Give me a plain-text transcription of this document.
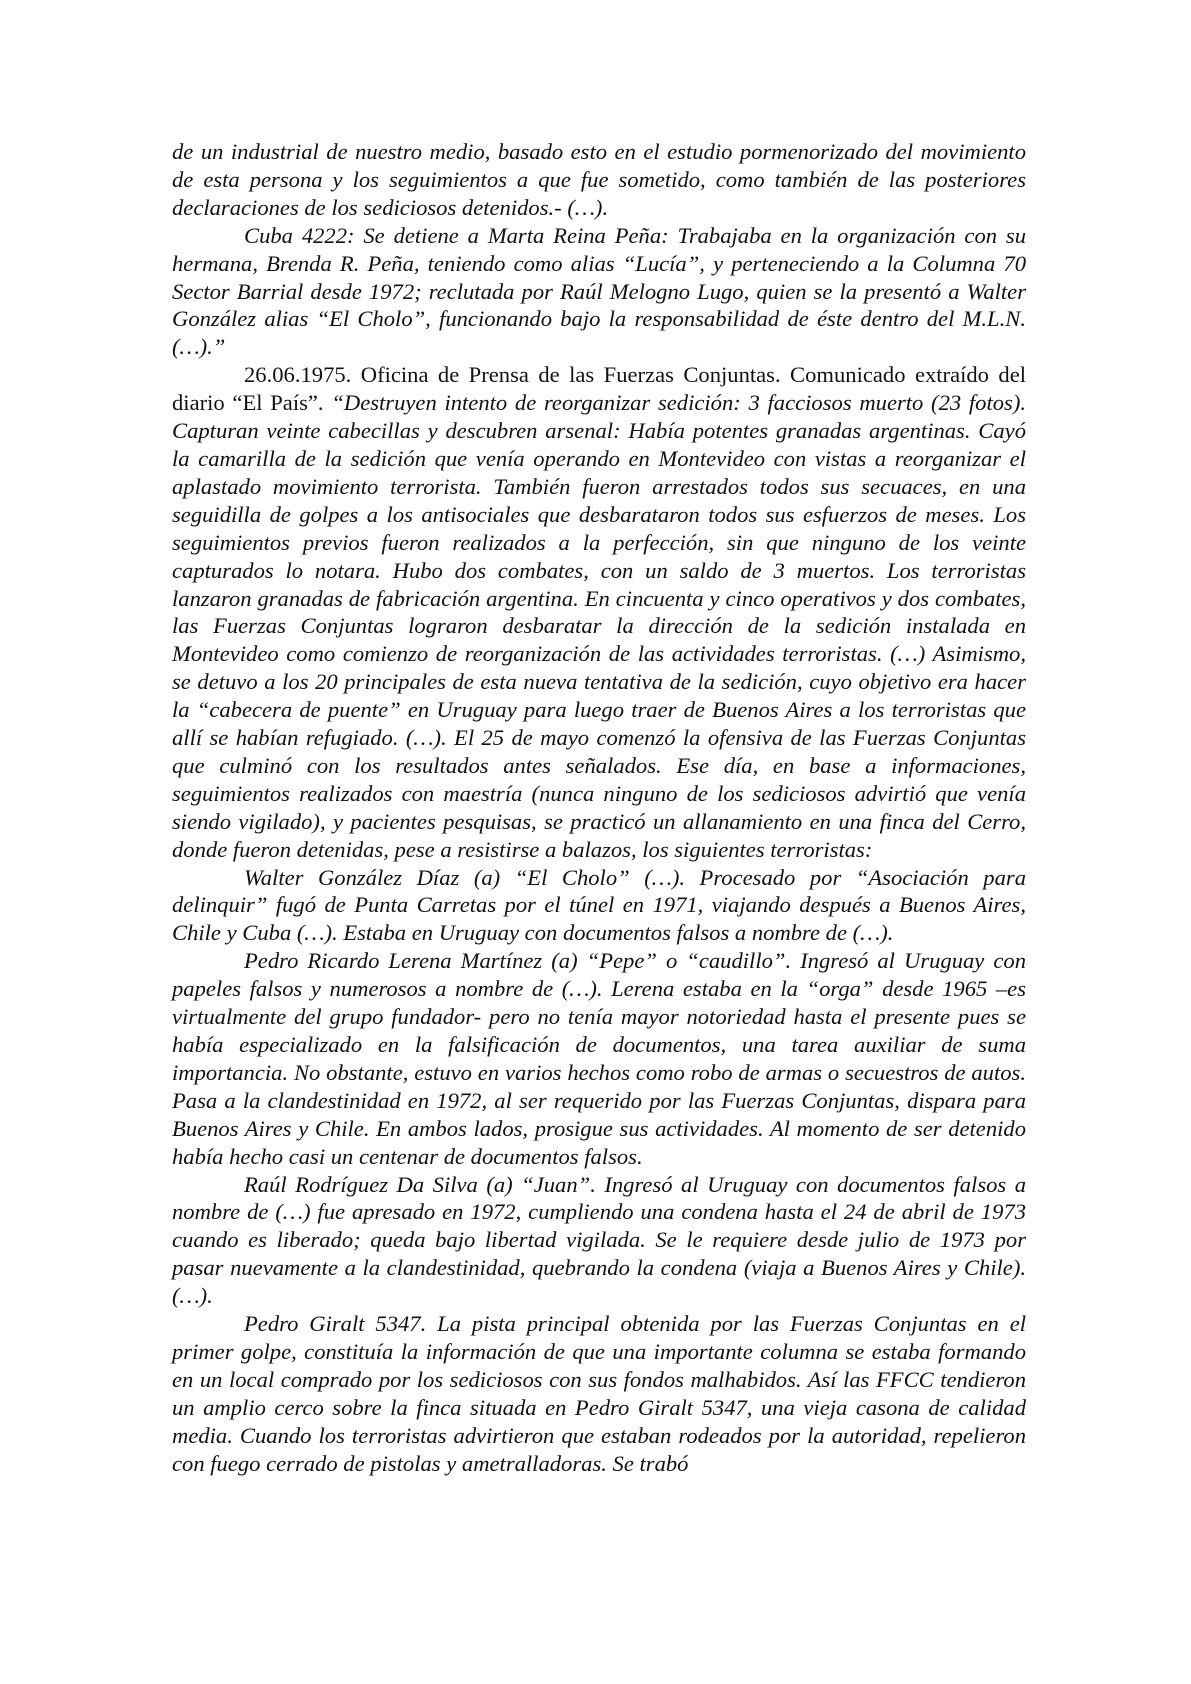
de un industrial de nuestro medio, basado esto en el estudio pormenorizado del movimiento de esta persona y los seguimientos a que fue sometido, como también de las posteriores declaraciones de los sediciosos detenidos.- (…).

Cuba 4222: Se detiene a Marta Reina Peña: Trabajaba en la organización con su hermana, Brenda R. Peña, teniendo como alias “Lucía”, y perteneciendo a la Columna 70 Sector Barrial desde 1972; reclutada por Raúl Melogno Lugo, quien se la presentó a Walter González alias “El Cholo”, funcionando bajo la responsabilidad de éste dentro del M.L.N. (…).”

26.06.1975. Oficina de Prensa de las Fuerzas Conjuntas. Comunicado extraído del diario “El País”. “Destruyen intento de reorganizar sedición: 3 facciosos muerto (23 fotos). Capturan veinte cabecillas y descubren arsenal: Había potentes granadas argentinas. Cayó la camarilla de la sedición que venía operando en Montevideo con vistas a reorganizar el aplastado movimiento terrorista. También fueron arrestados todos sus secuaces, en una seguidilla de golpes a los antisociales que desbarataron todos sus esfuerzos de meses. Los seguimientos previos fueron realizados a la perfección, sin que ninguno de los veinte capturados lo notara. Hubo dos combates, con un saldo de 3 muertos. Los terroristas lanzaron granadas de fabricación argentina. En cincuenta y cinco operativos y dos combates, las Fuerzas Conjuntas lograron desbaratar la dirección de la sedición instalada en Montevideo como comienzo de reorganización de las actividades terroristas. (…) Asimismo, se detuvo a los 20 principales de esta nueva tentativa de la sedición, cuyo objetivo era hacer la “cabecera de puente” en Uruguay para luego traer de Buenos Aires a los terroristas que allí se habían refugiado. (…). El 25 de mayo comenzó la ofensiva de las Fuerzas Conjuntas que culminó con los resultados antes señalados. Ese día, en base a informaciones, seguimientos realizados con maestría (nunca ninguno de los sediciosos advirtió que venía siendo vigilado), y pacientes pesquisas, se practicó un allanamiento en una finca del Cerro, donde fueron detenidas, pese a resistirse a balazos, los siguientes terroristas:

Walter González Díaz (a) “El Cholo” (…). Procesado por “Asociación para delinquir” fugó de Punta Carretas por el túnel en 1971, viajando después a Buenos Aires, Chile y Cuba (…). Estaba en Uruguay con documentos falsos a nombre de (…).

Pedro Ricardo Lerena Martínez (a) “Pepe” o “caudillo”. Ingresó al Uruguay con papeles falsos y numerosos a nombre de (…). Lerena estaba en la “orga” desde 1965 –es virtualmente del grupo fundador- pero no tenía mayor notoriedad hasta el presente pues se había especializado en la falsificación de documentos, una tarea auxiliar de suma importancia. No obstante, estuvo en varios hechos como robo de armas o secuestros de autos. Pasa a la clandestinidad en 1972, al ser requerido por las Fuerzas Conjuntas, dispara para Buenos Aires y Chile. En ambos lados, prosigue sus actividades. Al momento de ser detenido había hecho casi un centenar de documentos falsos.

Raúl Rodríguez Da Silva (a) “Juan”. Ingresó al Uruguay con documentos falsos a nombre de (…) fue apresado en 1972, cumpliendo una condena hasta el 24 de abril de 1973 cuando es liberado; queda bajo libertad vigilada. Se le requiere desde julio de 1973 por pasar nuevamente a la clandestinidad, quebrando la condena (viaja a Buenos Aires y Chile). (…).

Pedro Giralt 5347. La pista principal obtenida por las Fuerzas Conjuntas en el primer golpe, constituía la información de que una importante columna se estaba formando en un local comprado por los sediciosos con sus fondos malhabidos. Así las FFCC tendieron un amplio cerco sobre la finca situada en Pedro Giralt 5347, una vieja casona de calidad media. Cuando los terroristas advirtieron que estaban rodeados por la autoridad, repelieron con fuego cerrado de pistolas y ametralladoras. Se trabó
